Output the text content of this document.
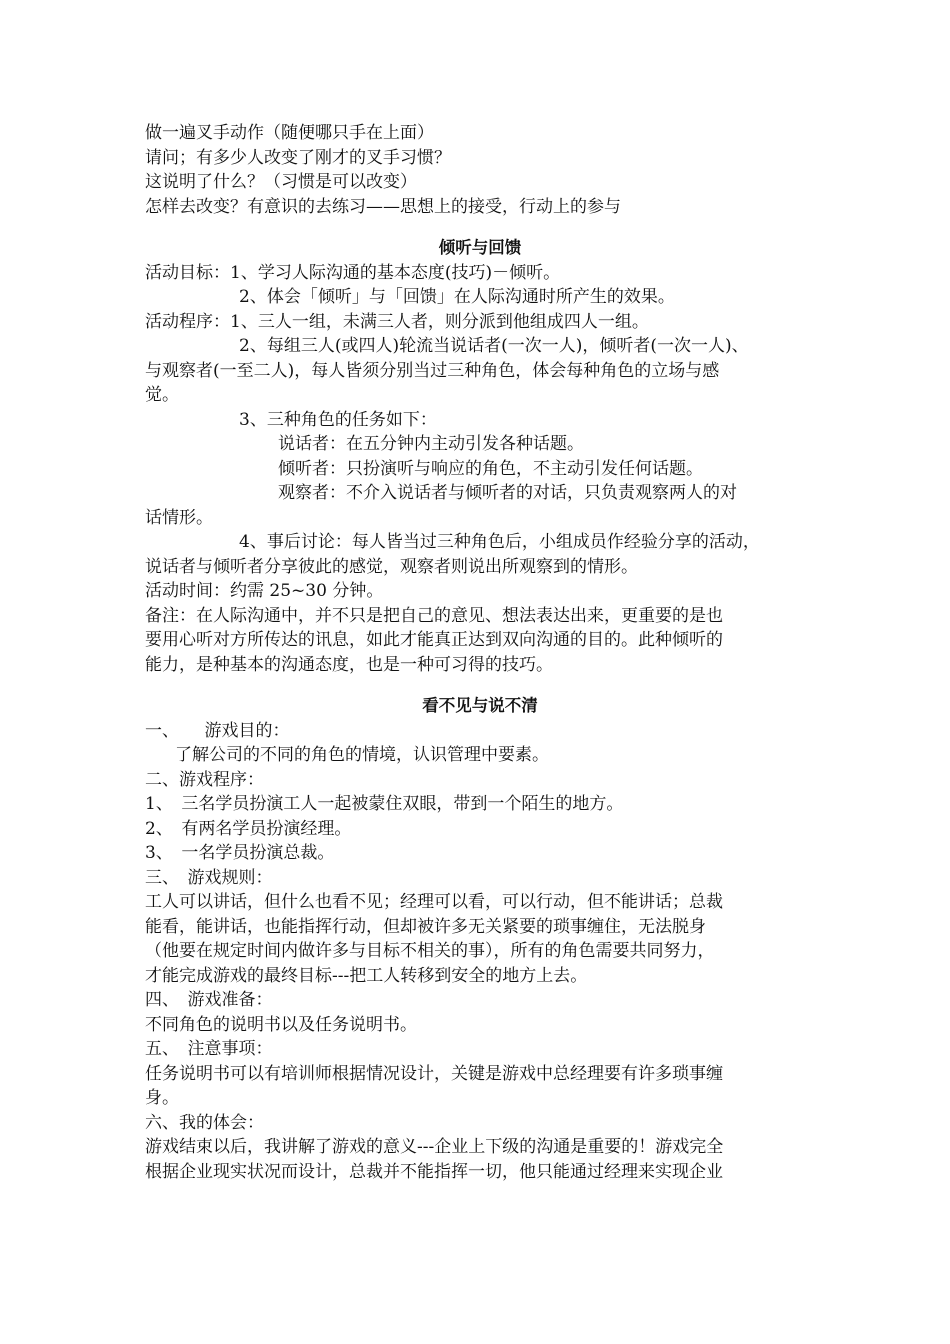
做一遍叉手动作（随便哪只手在上面）
请问；有多少人改变了刚才的叉手习惯？
这说明了什么？（习惯是可以改变）
怎样去改变？有意识的去练习——思想上的接受，行动上的参与
倾听与回馈
活动目标：1、学习人际沟通的基本态度(技巧)－倾听。
2、体会「倾听」与「回馈」在人际沟通时所产生的效果。
活动程序：1、三人一组，未满三人者，则分派到他组成四人一组。
2、每组三人(或四人)轮流当说话者(一次一人)，倾听者(一次一人)、
与观察者(一至二人)，每人皆须分别当过三种角色，体会每种角色的立场与感
觉。
3、三种角色的任务如下：
说话者：在五分钟内主动引发各种话题。
倾听者：只扮演听与响应的角色，不主动引发任何话题。
观察者：不介入说话者与倾听者的对话，只负责观察两人的对
话情形。
4、事后讨论：每人皆当过三种角色后，小组成员作经验分享的活动，
说话者与倾听者分享彼此的感觉，观察者则说出所观察到的情形。
活动时间：约需 25~30 分钟。
备注：在人际沟通中，并不只是把自己的意见、想法表达出来，更重要的是也
要用心听对方所传达的讯息，如此才能真正达到双向沟通的目的。此种倾听的
能力，是种基本的沟通态度，也是一种可习得的技巧。
看不见与说不清
一、　　游戏目的：
了解公司的不同的角色的情境，认识管理中要素。
二、游戏程序：
1、　三名学员扮演工人一起被蒙住双眼，带到一个陌生的地方。
2、　有两名学员扮演经理。
3、　一名学员扮演总裁。
三、　游戏规则：
工人可以讲话，但什么也看不见；经理可以看，可以行动，但不能讲话；总裁
能看，能讲话，也能指挥行动，但却被许多无关紧要的琐事缠住，无法脱身
（他要在规定时间内做许多与目标不相关的事），所有的角色需要共同努力，
才能完成游戏的最终目标---把工人转移到安全的地方上去。
四、　游戏准备：
不同角色的说明书以及任务说明书。
五、　注意事项：
任务说明书可以有培训师根据情况设计，关键是游戏中总经理要有许多琐事缠
身。
六、我的体会：
游戏结束以后，我讲解了游戏的意义---企业上下级的沟通是重要的！游戏完全
根据企业现实状况而设计，总裁并不能指挥一切，他只能通过经理来实现企业
